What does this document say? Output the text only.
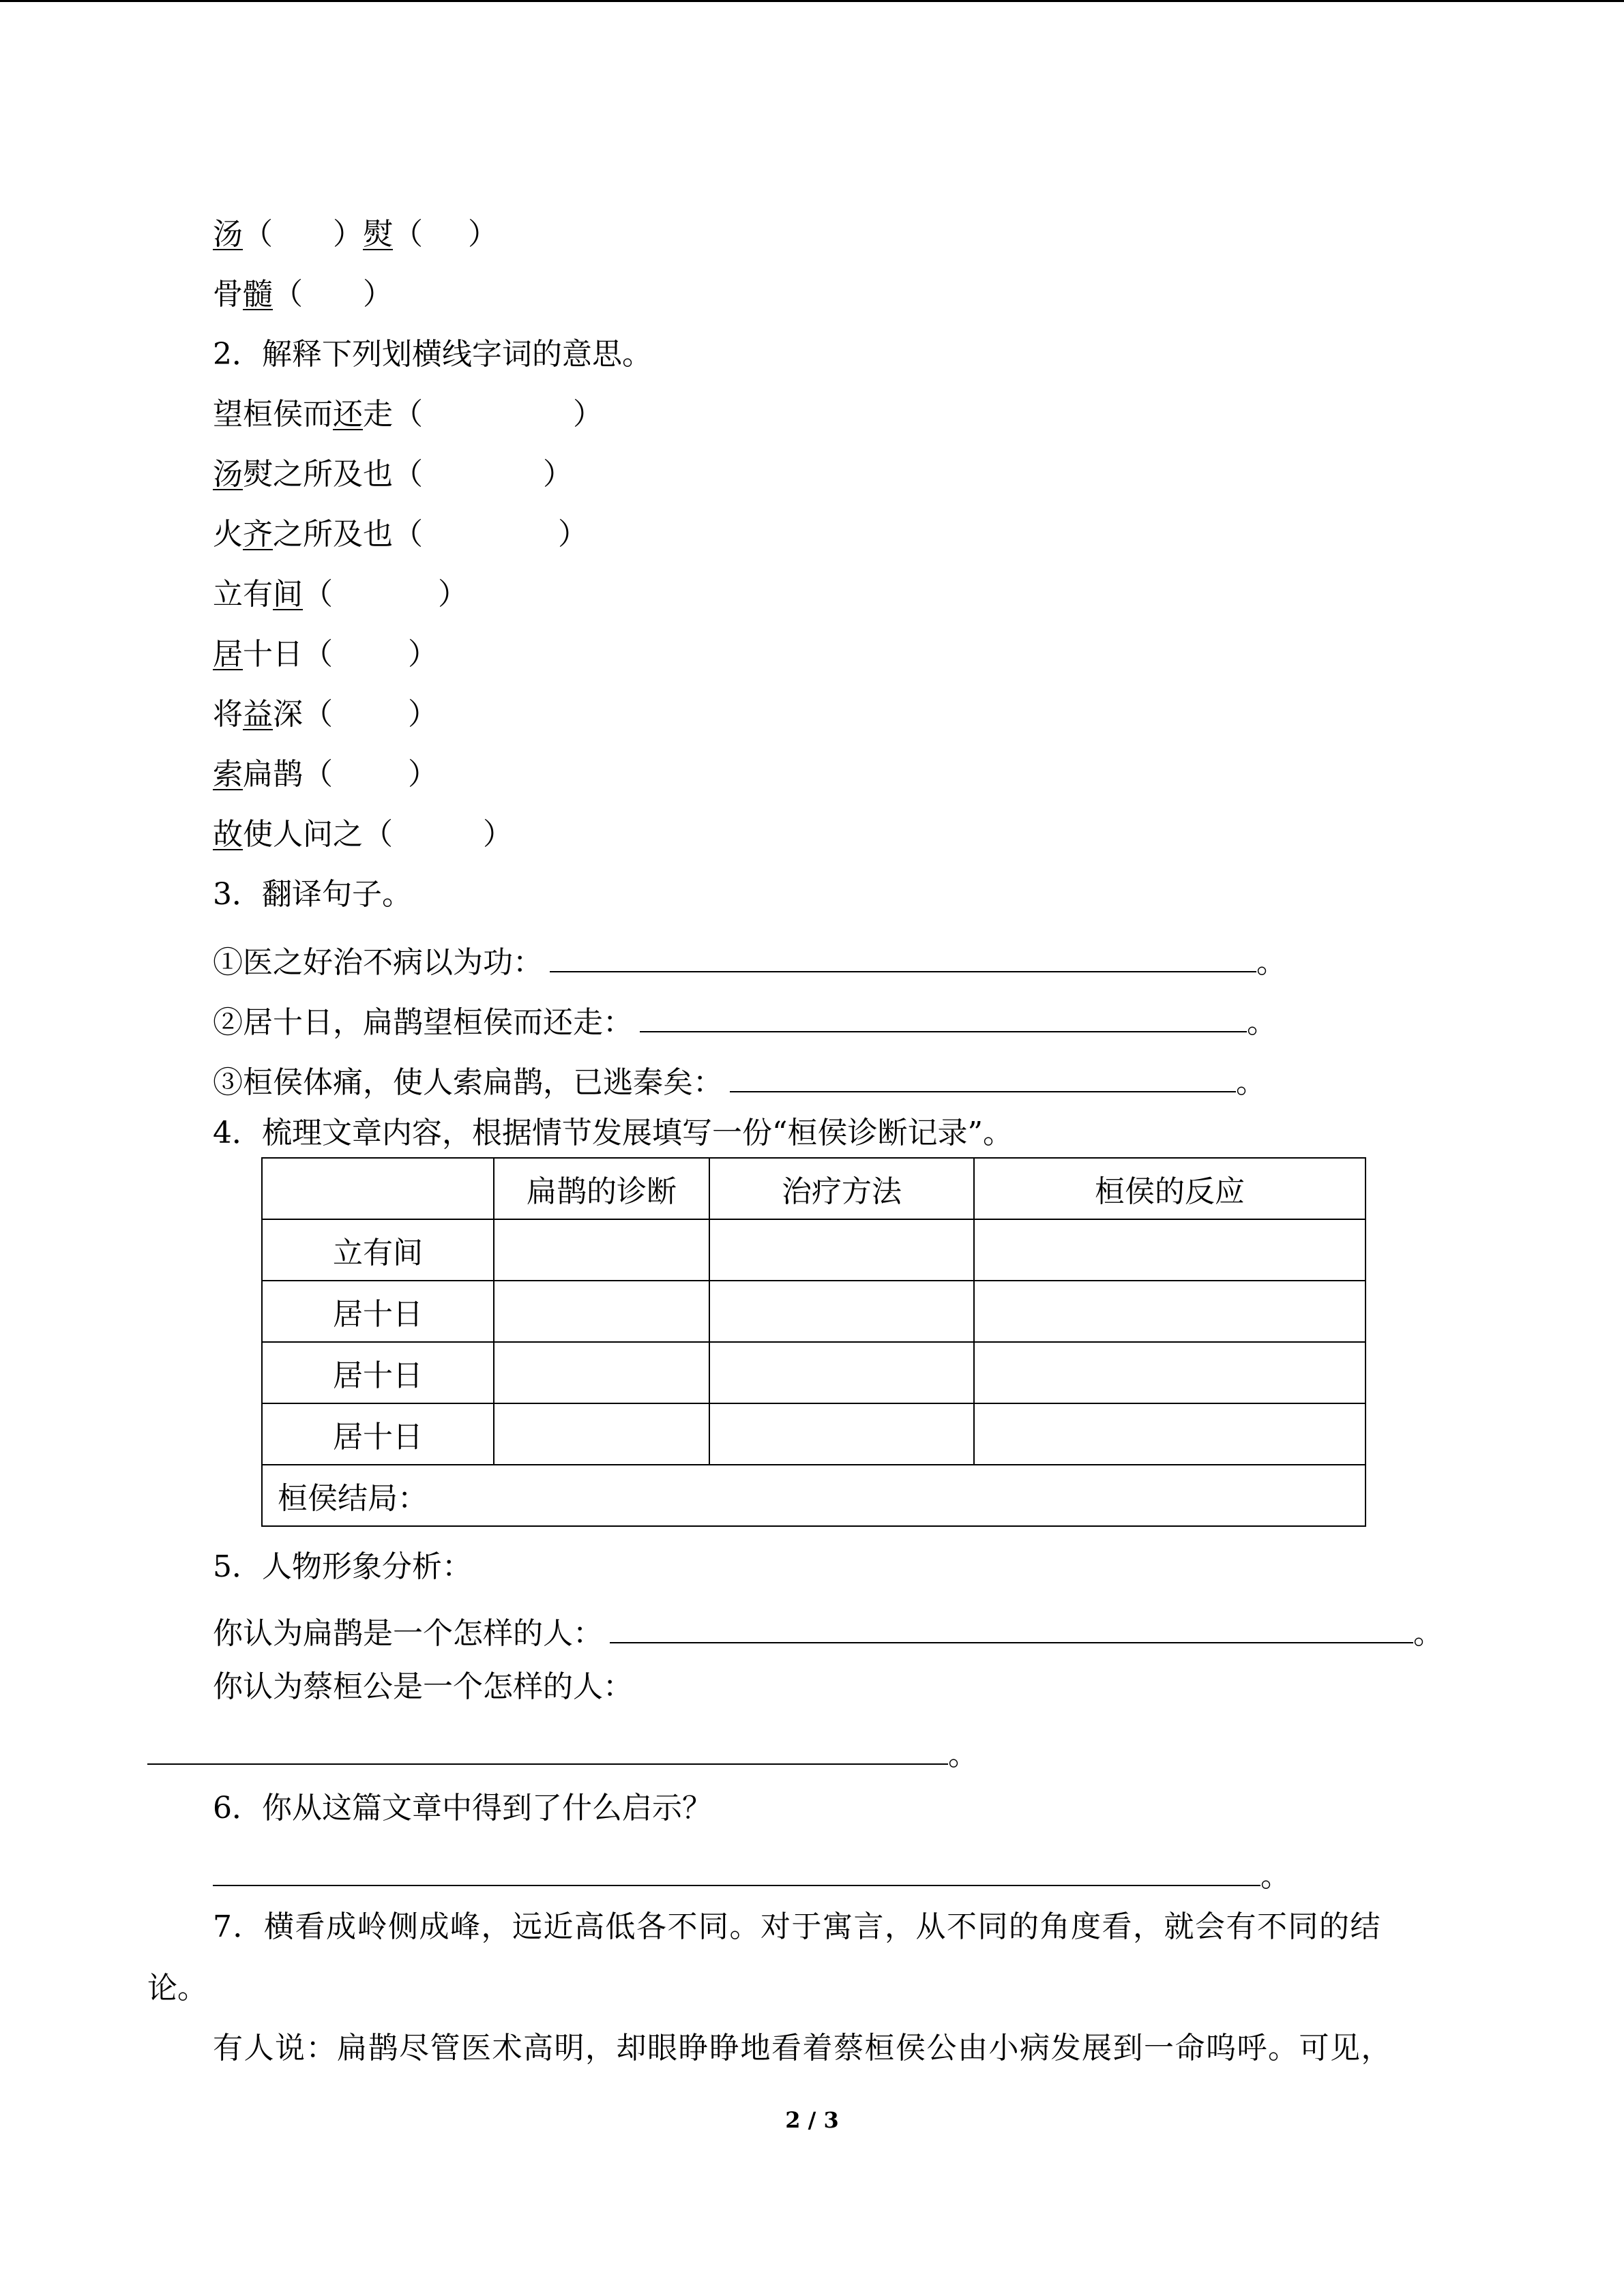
汤（ ）熨（ ）
骨髓（ ）
2．解释下列划横线字词的意思。
望桓侯而还走（	）
汤熨之所及也（	）
火齐之所及也（	）
立有间（	）
居十日（	）
将益深（	）
索扁鹊（	）
故使人问之（	）
3．翻译句子。
①医之好治不病以为功：	。
②居十日，扁鹊望桓侯而还走：	。
③桓侯体痛，使人索扁鹊，已逃秦矣：	。
4．梳理文章内容，根据情节发展填写一份“桓侯诊断记录”。
	扁鹊的诊断	治疗方法	桓侯的反应
立有间			
居十日			
居十日			
居十日			
桓侯结局：			
5．人物形象分析：
你认为扁鹊是一个怎样的人：	。
你认为蔡桓公是一个怎样的人：
。
6．你从这篇文章中得到了什么启示？
。
7．横看成岭侧成峰，远近高低各不同。对于寓言，从不同的角度看，就会有不同的结
论。
有人说：扁鹊尽管医术高明，却眼睁睁地看着蔡桓侯公由小病发展到一命呜呼。可见，
2 / 3
